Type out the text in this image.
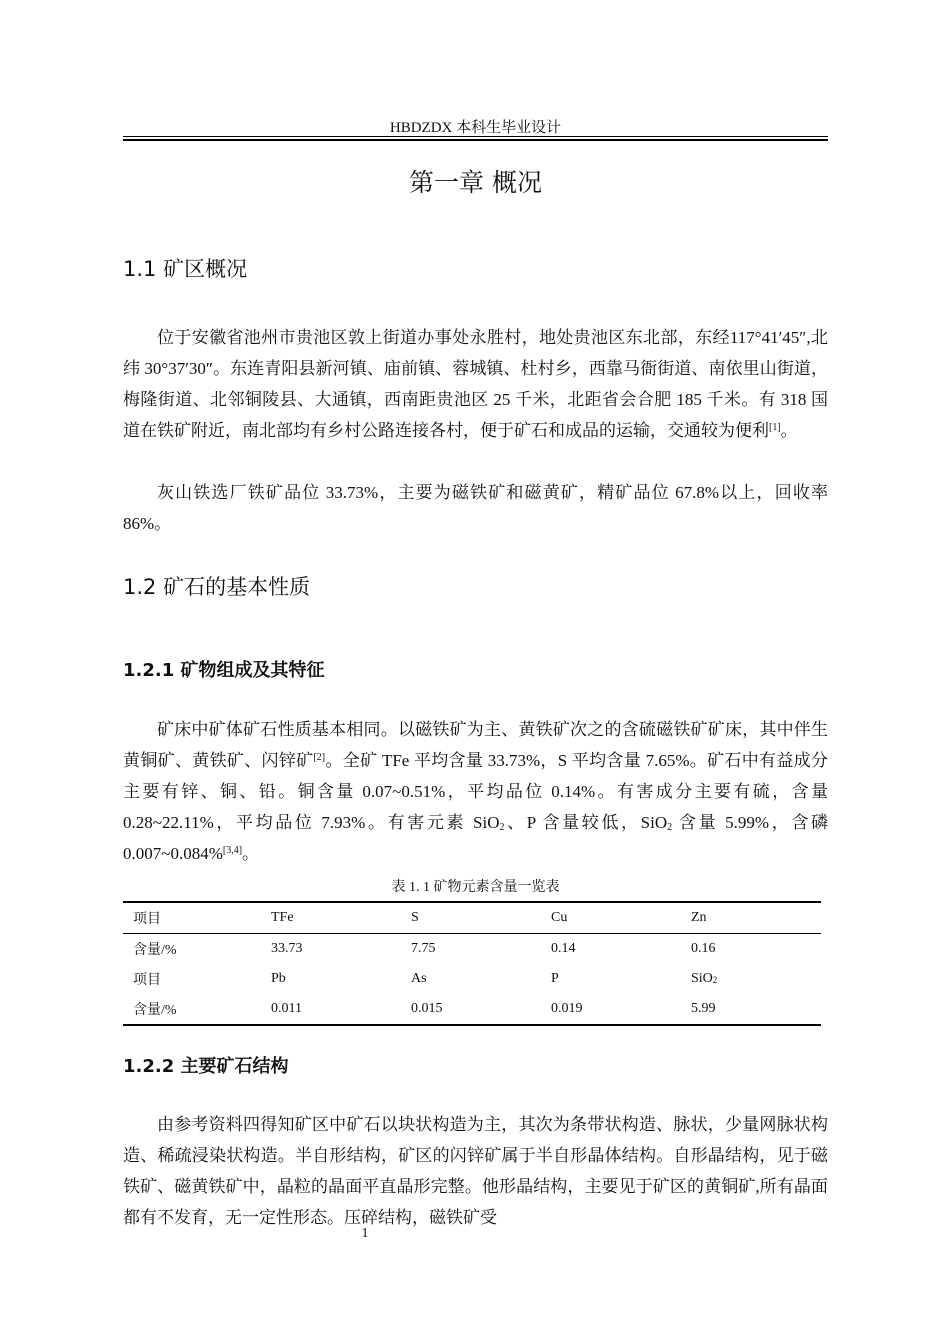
HBDZDX 本科生毕业设计
第一章 概况
1.1 矿区概况

位于安徽省池州市贵池区敦上街道办事处永胜村，地处贵池区东北部，东经117°41′45″,北纬 30°37′30″。东连青阳县新河镇、庙前镇、蓉城镇、杜村乡，西靠马衙街道、南依里山街道，梅隆街道、北邻铜陵县、大通镇，西南距贵池区 25 千米，北距省会合肥 185 千米。有 318 国道在铁矿附近，南北部均有乡村公路连接各村，便于矿石和成品的运输，交通较为便利[1]。

灰山铁选厂铁矿品位 33.73%，主要为磁铁矿和磁黄矿，精矿品位 67.8%以上，回收率 86%。

1.2 矿石的基本性质
1.2.1 矿物组成及其特征

矿床中矿体矿石性质基本相同。以磁铁矿为主、黄铁矿次之的含硫磁铁矿矿床，其中伴生黄铜矿、黄铁矿、闪锌矿[2]。全矿 TFe 平均含量 33.73%，S 平均含量 7.65%。矿石中有益成分主要有锌、铜、铅。铜含量 0.07~0.51%，平均品位 0.14%。有害成分主要有硫，含量 0.28~22.11%，平均品位 7.93%。有害元素 SiO$_2$、P 含量较低，SiO$_2$ 含量 5.99%，含磷 0.007~0.084%[3,4]。

表 1. 1 矿物元素含量一览表
项目	TFe	S	Cu	Zn
含量/%	33.73	7.75	0.14	0.16
项目	Pb	As	P	SiO$_2$
含量/%	0.011	0.015	0.019	5.99
1.2.2 主要矿石结构

由参考资料四得知矿区中矿石以块状构造为主，其次为条带状构造、脉状，少量网脉状构造、稀疏浸染状构造。半自形结构，矿区的闪锌矿属于半自形晶体结构。自形晶结构，见于磁铁矿、磁黄铁矿中，晶粒的晶面平直晶形完整。他形晶结构，主要见于矿区的黄铜矿,所有晶面都有不发育，无一定性形态。压碎结构，磁铁矿受

1
